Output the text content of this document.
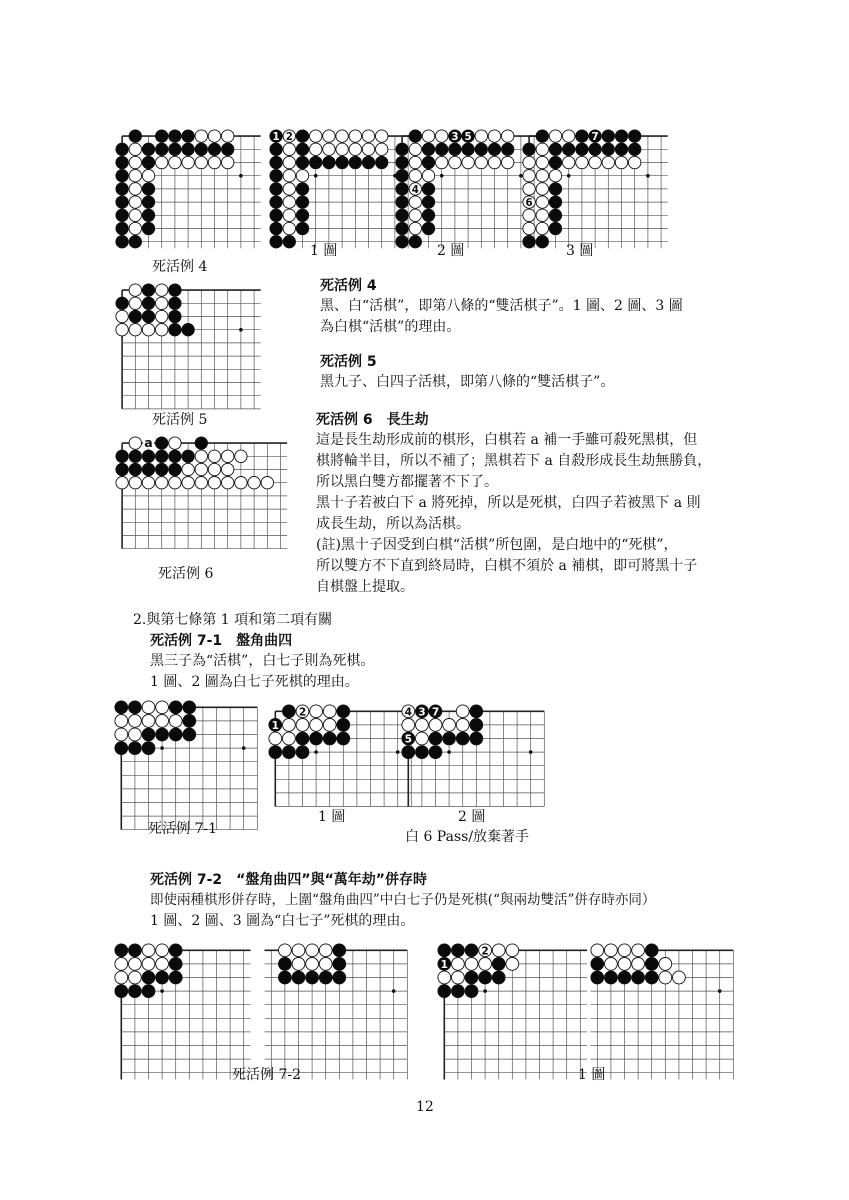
1 2	3 5
4
7
6
a
2
1
4 3 7
5
2
1
死活例 4
1 圖	2 圖	3 圖
死活例 5
死活例 6
死活例 7-1
1 圖	2 圖
白 6 Pass/放棄著手
死活例 7-2	1 圖
死活例 4

黑、白“活棋”，即第八條的“雙活棋子”。1 圖、2 圖、3 圖

為白棋“活棋”的理由。

死活例 5

黑九子、白四子活棋，即第八條的“雙活棋子”。

死活例 6　長生劫

這是長生劫形成前的棋形，白棋若 a 補一手雖可殺死黑棋，但

棋將輪半目，所以不補了；黑棋若下 a 自殺形成長生劫無勝負，

所以黑白雙方都擺著不下了。

黑十子若被白下 a 將死掉，所以是死棋，白四子若被黑下 a 則

成長生劫，所以為活棋。

(註)黑十子因受到白棋“活棋”所包圍，是白地中的“死棋”，

所以雙方不下直到終局時，白棋不須於 a 補棋，即可將黑十子

自棋盤上提取。

2.與第七條第 1 項和第二項有關
死活例 7-1　盤角曲四

黑三子為“活棋”，白七子則為死棋。

1 圖、2 圖為白七子死棋的理由。

死活例 7-2　“盤角曲四”與“萬年劫”併存時

即使兩種棋形併存時，上圍“盤角曲四”中白七子仍是死棋(“與兩劫雙活”併存時亦同）

1 圖、2 圖、3 圖為“白七子”死棋的理由。

12
